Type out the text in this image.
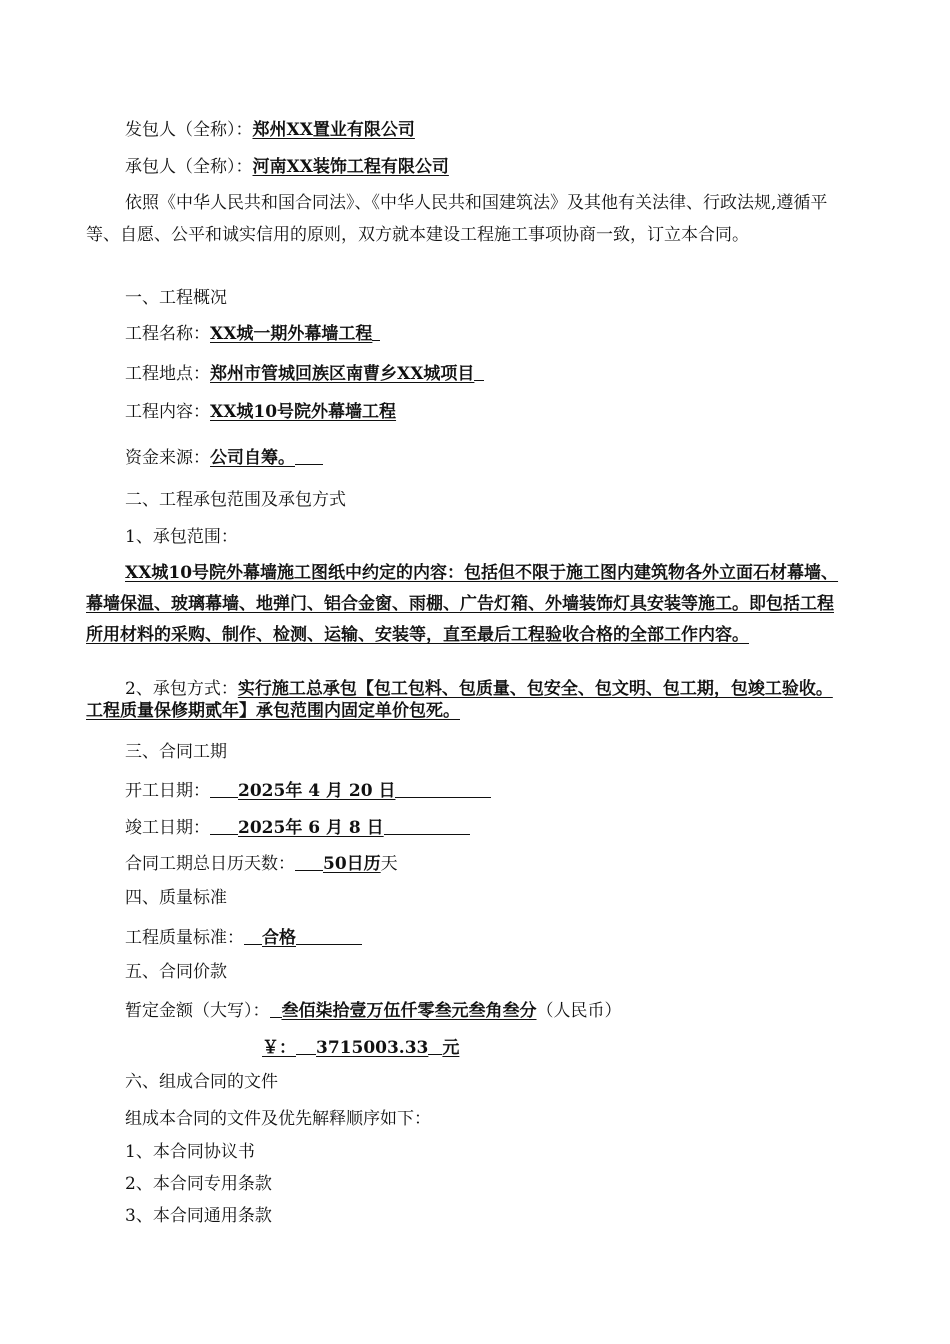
发包人（全称）：郑州XX置业有限公司

承包人（全称）：河南XX装饰工程有限公司

依照《中华人民共和国合同法》、《中华人民共和国建筑法》及其他有关法律、行政法规,遵循平等、自愿、公平和诚实信用的原则，双方就本建设工程施工事项协商一致，订立本合同。

一、工程概况

工程名称：XX城一期外幕墙工程

工程地点：郑州市管城回族区南曹乡XX城项目

工程内容：XX城10号院外幕墙工程

资金来源：公司自筹。

二、工程承包范围及承包方式

1、承包范围：

XX城10号院外幕墙施工图纸中约定的内容：包括但不限于施工图内建筑物各外立面石材幕墙、幕墙保温、玻璃幕墙、地弹门、铝合金窗、雨棚、广告灯箱、外墙装饰灯具安装等施工。即包括工程所用材料的采购、制作、检测、运输、安装等，直至最后工程验收合格的全部工作内容。

2、承包方式：实行施工总承包【包工包料、包质量、包安全、包文明、包工期，包竣工验收。工程质量保修期贰年】承包范围内固定单价包死。

三、合同工期

开工日期： 2025年 4 月 20 日

竣工日期： 2025年 6 月 8 日

合同工期总日历天数： 50日历天

四、质量标准

工程质量标准： 合格

五、合同价款

暂定金额（大写）： 叁佰柒拾壹万伍仟零叁元叁角叁分（人民币）

￥： 3715003.33 元

六、组成合同的文件

组成本合同的文件及优先解释顺序如下：

1、本合同协议书

2、本合同专用条款

3、本合同通用条款
